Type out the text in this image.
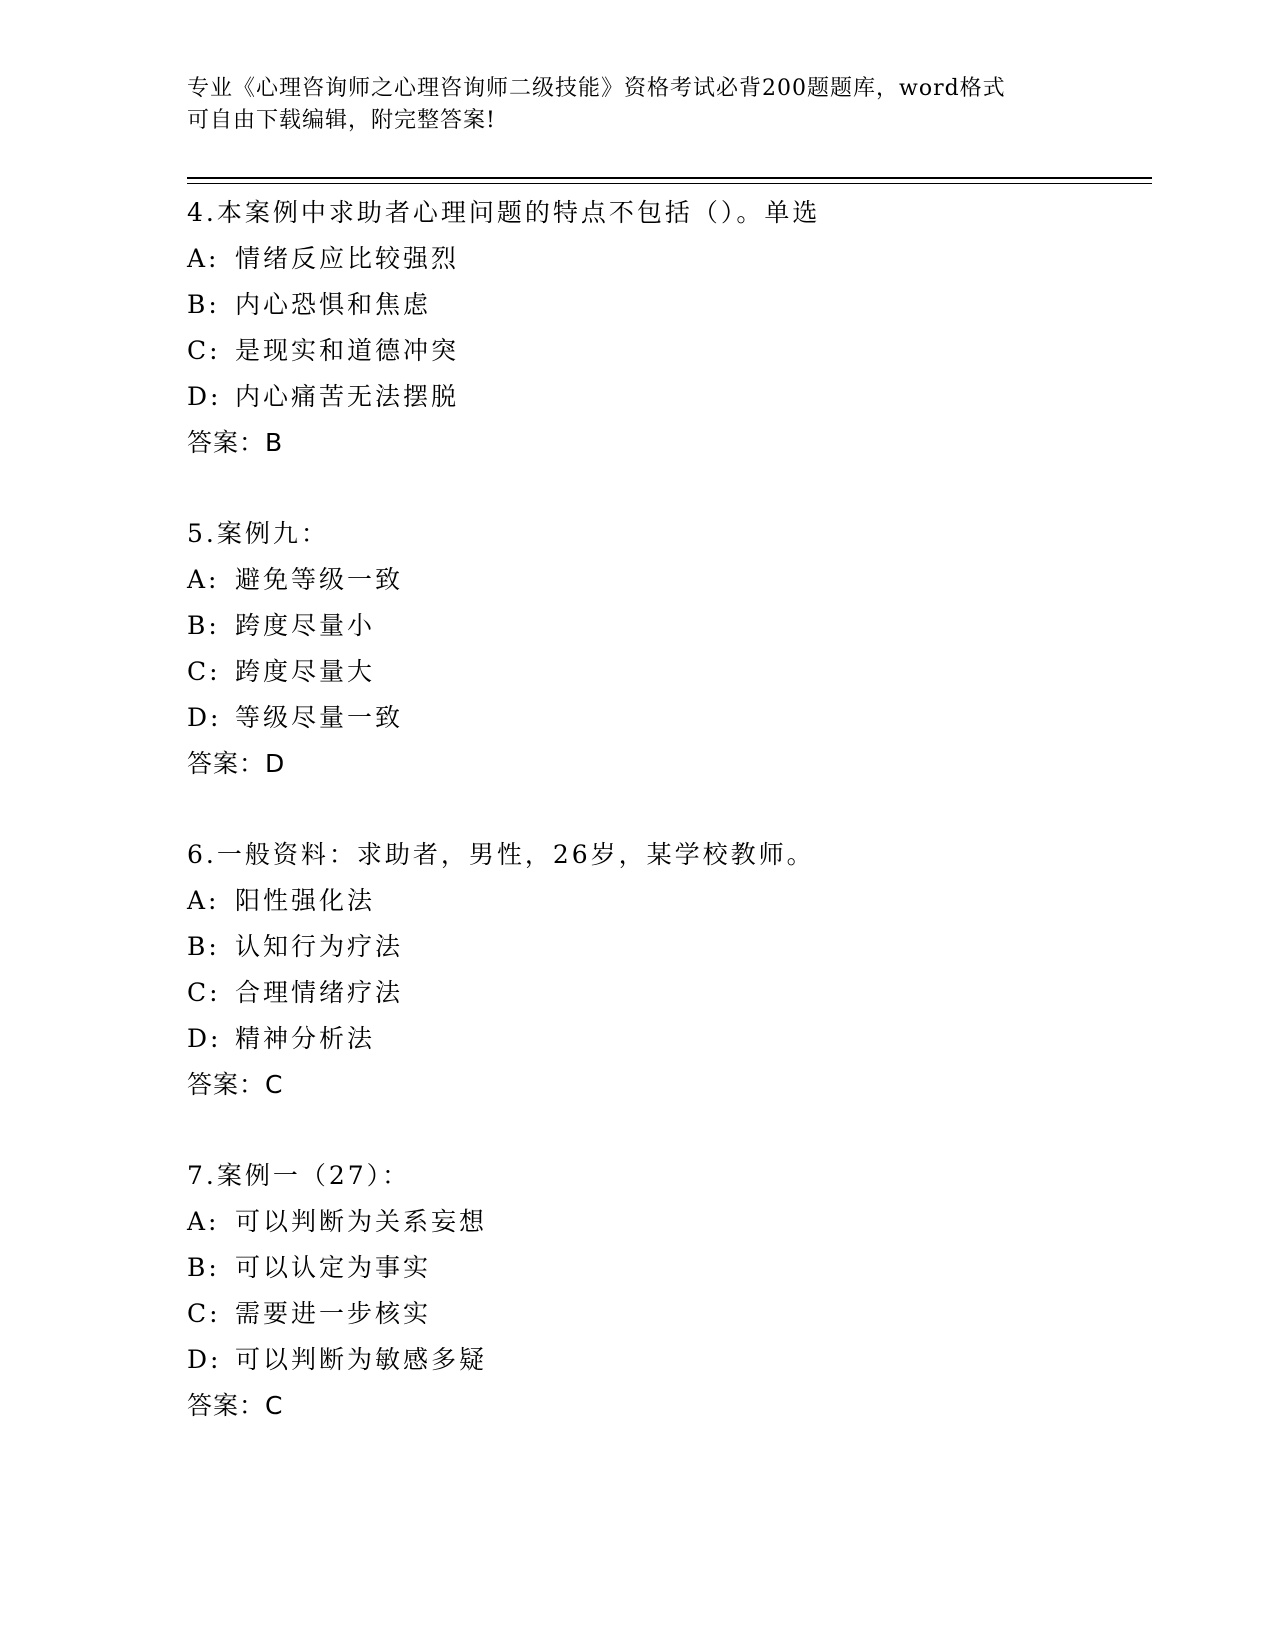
专业《心理咨询师之心理咨询师二级技能》资格考试必背200题题库，word格式
可自由下载编辑，附完整答案!
4.本案例中求助者心理问题的特点不包括（）。单选
A: 情绪反应比较强烈
B: 内心恐惧和焦虑
C: 是现实和道德冲突
D: 内心痛苦无法摆脱
答案：B
5.案例九：
A: 避免等级一致
B: 跨度尽量小
C: 跨度尽量大
D: 等级尽量一致
答案：D
6.一般资料：求助者，男性，26岁，某学校教师。
A: 阳性强化法
B: 认知行为疗法
C: 合理情绪疗法
D: 精神分析法
答案：C
7.案例一（27）：
A: 可以判断为关系妄想
B: 可以认定为事实
C: 需要进一步核实
D: 可以判断为敏感多疑
答案：C
